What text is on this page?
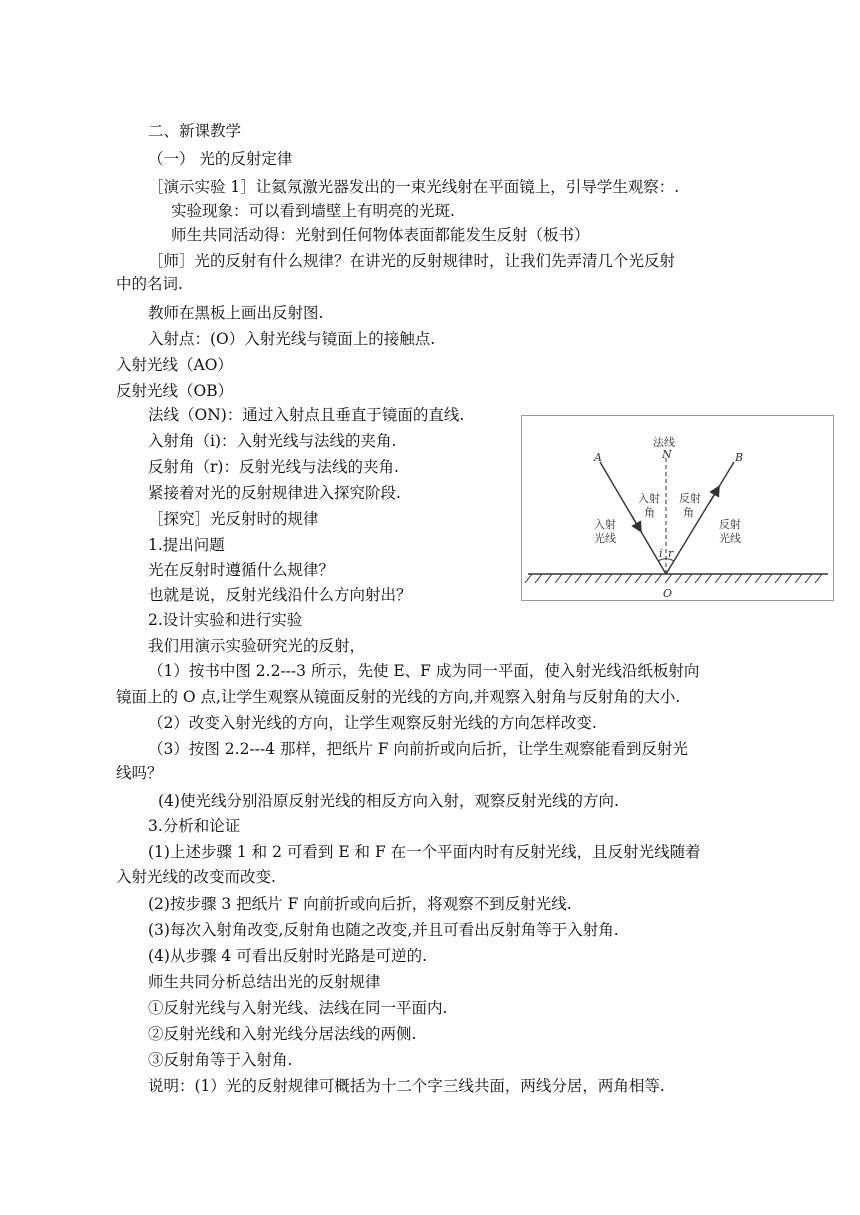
二、新课教学
（一） 光的反射定律
［演示实验 1］让氦氖激光器发出的一束光线射在平面镜上，引导学生观察：.
实验现象：可以看到墙壁上有明亮的光斑.
师生共同活动得：光射到任何物体表面都能发生反射（板书）
［师］光的反射有什么规律？在讲光的反射规律时，让我们先弄清几个光反射
中的名词.
教师在黑板上画出反射图.
入射点：(O）入射光线与镜面上的接触点.
入射光线（AO）
反射光线（OB）
法线（ON)：通过入射点且垂直于镜面的直线.
入射角（i)：入射光线与法线的夹角.
反射角（r)：反射光线与法线的夹角.
紧接着对光的反射规律进入探究阶段.
［探究］光反射时的规律
1.提出问题
光在反射时遵循什么规律？
也就是说，反射光线沿什么方向射出？
2.设计实验和进行实验
我们用演示实验研究光的反射，
（1）按书中图 2.2---3 所示，先使 E、F 成为同一平面，使入射光线沿纸板射向
镜面上的 O 点,让学生观察从镜面反射的光线的方向,并观察入射角与反射角的大小.
（2）改变入射光线的方向，让学生观察反射光线的方向怎样改变.
（3）按图 2.2---4 那样，把纸片 F 向前折或向后折，让学生观察能看到反射光
线吗？
(4)使光线分别沿原反射光线的相反方向入射，观察反射光线的方向.
3.分析和论证
(1)上述步骤 1 和 2 可看到 E 和 F 在一个平面内时有反射光线，且反射光线随着
入射光线的改变而改变.
(2)按步骤 3 把纸片 F 向前折或向后折，将观察不到反射光线.
(3)每次入射角改变,反射角也随之改变,并且可看出反射角等于入射角.
(4)从步骤 4 可看出反射时光路是可逆的.
师生共同分析总结出光的反射规律
①反射光线与入射光线、法线在同一平面内.
②反射光线和入射光线分居法线的两侧.
③反射角等于入射角.
说明：(1）光的反射规律可概括为十二个字三线共面，两线分居，两角相等.
法线
N
A	B
O
入射
角
反射
角
入射
光线
反射
光线
i r
